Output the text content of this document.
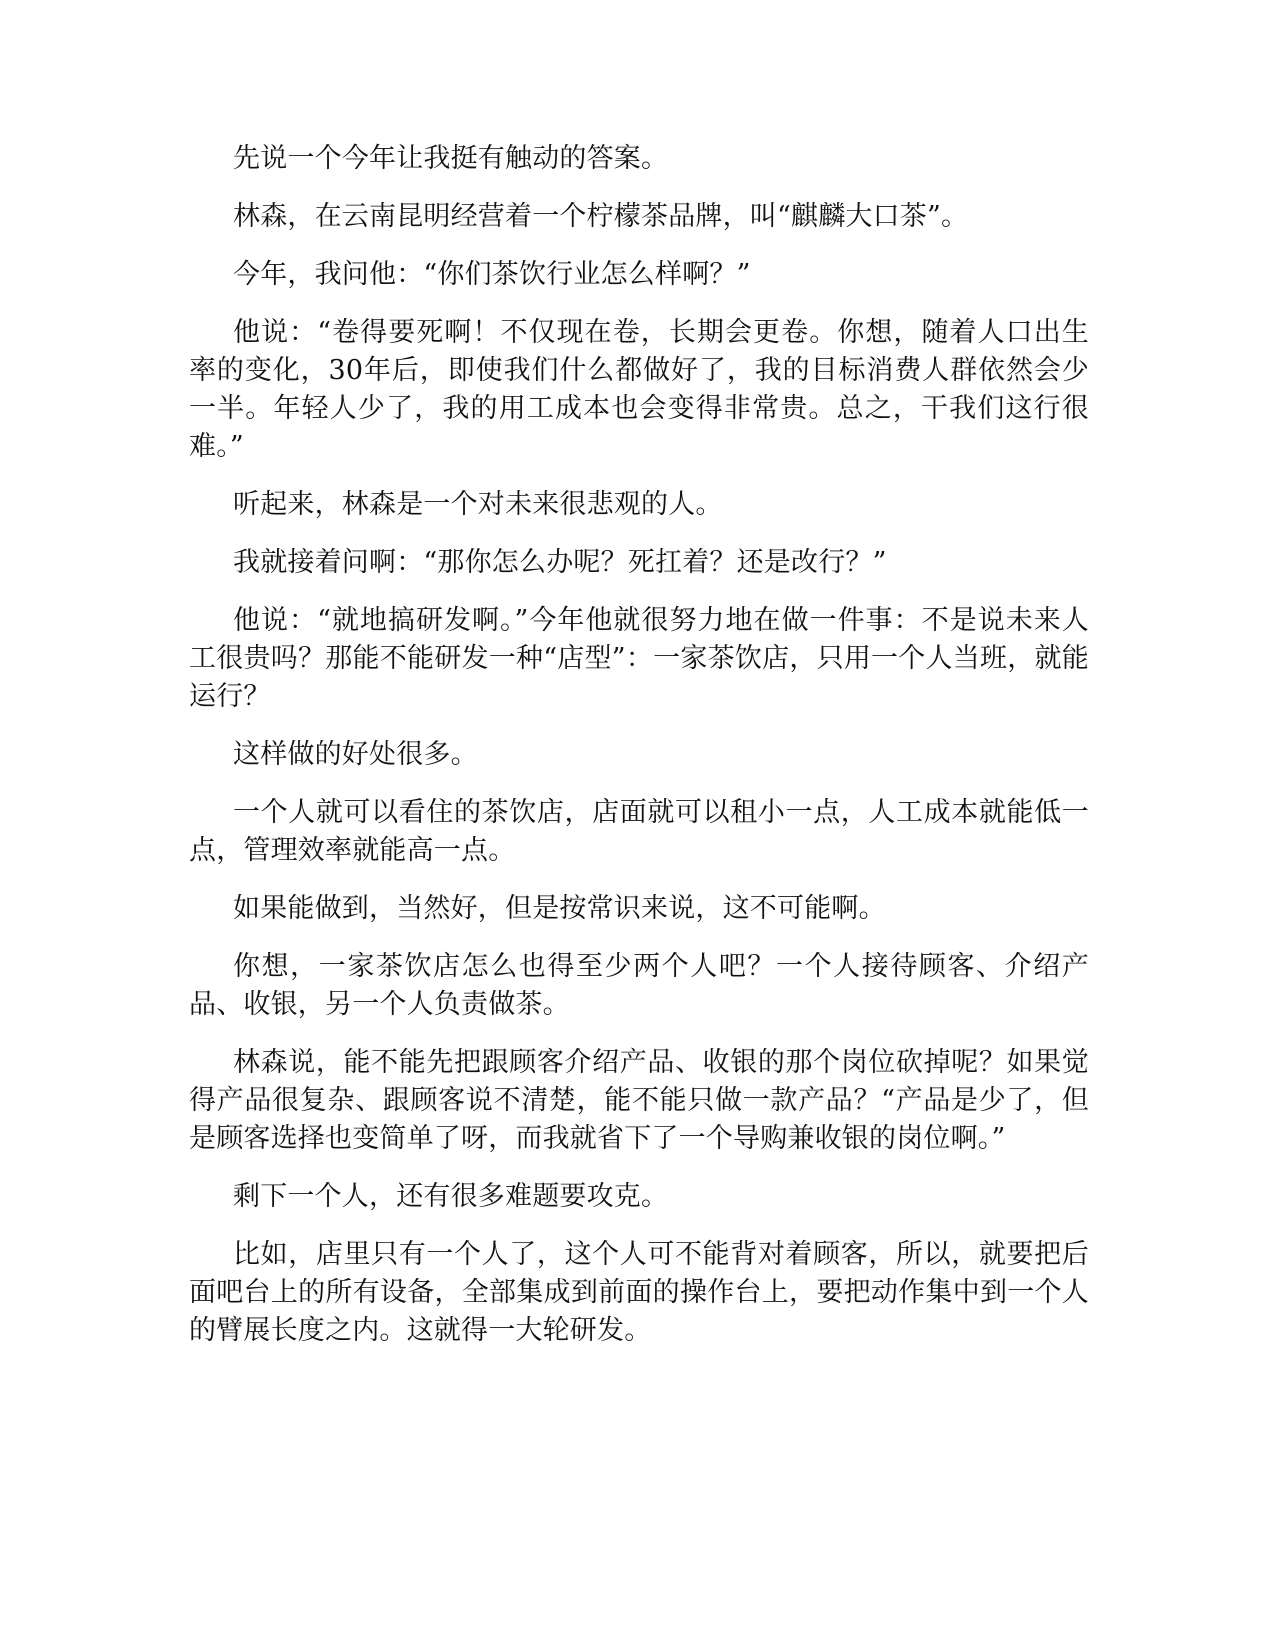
先说一个今年让我挺有触动的答案。

林森，在云南昆明经营着一个柠檬茶品牌，叫“麒麟大口茶”。

今年，我问他：“你们茶饮行业怎么样啊？”

他说：“卷得要死啊！不仅现在卷，长期会更卷。你想，随着人口出生率的变化，30年后，即使我们什么都做好了，我的目标消费人群依然会少一半。年轻人少了，我的用工成本也会变得非常贵。总之，干我们这行很难。”

听起来，林森是一个对未来很悲观的人。

我就接着问啊：“那你怎么办呢？死扛着？还是改行？”

他说：“就地搞研发啊。”今年他就很努力地在做一件事：不是说未来人工很贵吗？那能不能研发一种“店型”：一家茶饮店，只用一个人当班，就能运行？

这样做的好处很多。

一个人就可以看住的茶饮店，店面就可以租小一点，人工成本就能低一点，管理效率就能高一点。

如果能做到，当然好，但是按常识来说，这不可能啊。

你想，一家茶饮店怎么也得至少两个人吧？一个人接待顾客、介绍产品、收银，另一个人负责做茶。

林森说，能不能先把跟顾客介绍产品、收银的那个岗位砍掉呢？如果觉得产品很复杂、跟顾客说不清楚，能不能只做一款产品？“产品是少了，但是顾客选择也变简单了呀，而我就省下了一个导购兼收银的岗位啊。”

剩下一个人，还有很多难题要攻克。

比如，店里只有一个人了，这个人可不能背对着顾客，所以，就要把后面吧台上的所有设备，全部集成到前面的操作台上，要把动作集中到一个人的臂展长度之内。这就得一大轮研发。
